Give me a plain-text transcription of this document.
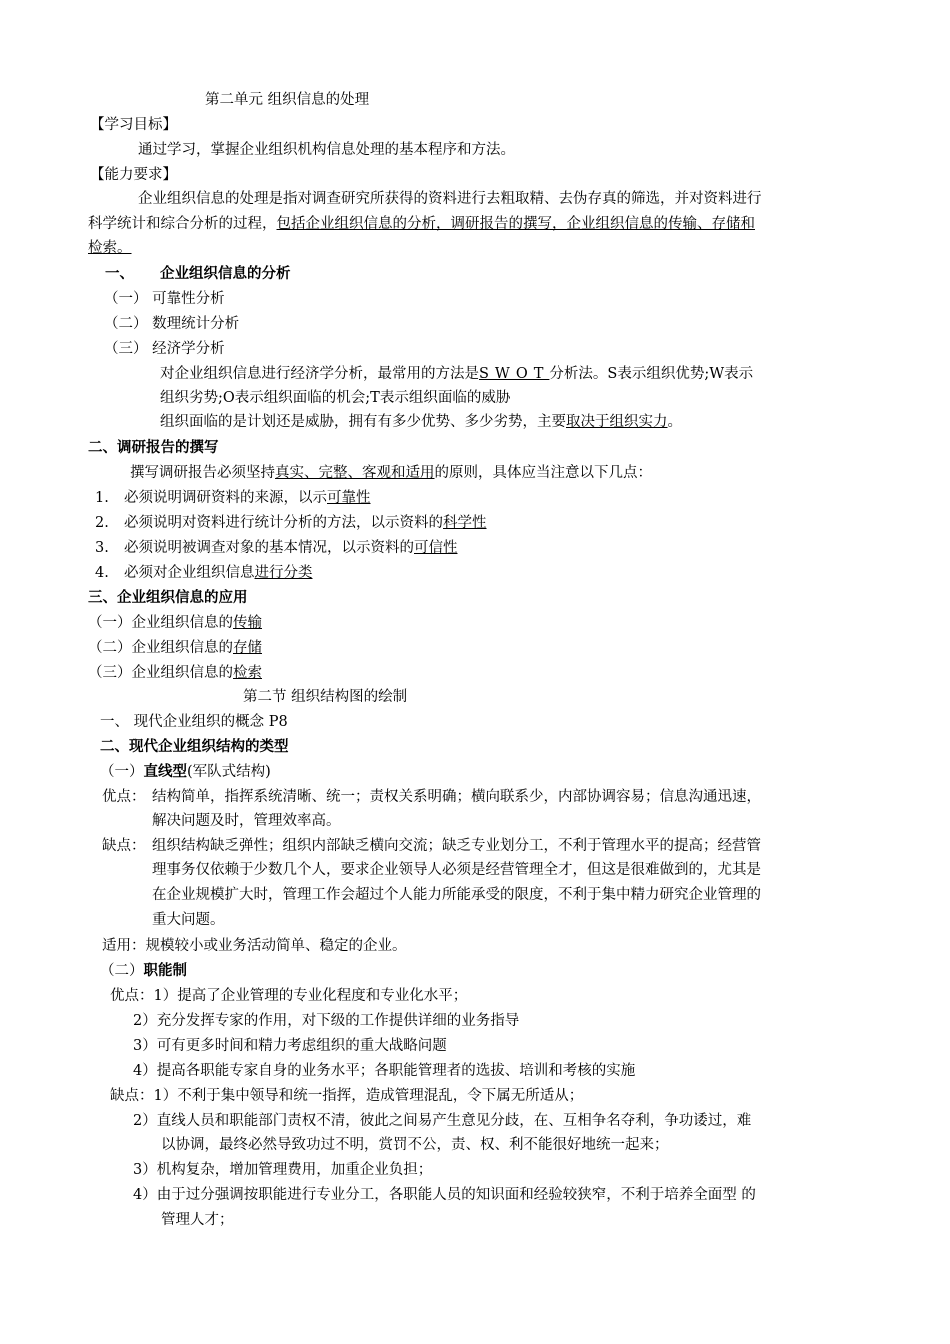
第二单元 组织信息的处理
【学习目标】
通过学习，掌握企业组织机构信息处理的基本程序和方法。
【能力要求】
企业组织信息的处理是指对调查研究所获得的资料进行去粗取精、去伪存真的筛选，并对资料进行
科学统计和综合分析的过程，包括企业组织信息的分析，调研报告的撰写，企业组织信息的传输、存储和
检索。
一、 企业组织信息的分析
（一） 可靠性分析
（二） 数理统计分析
（三） 经济学分析
对企业组织信息进行经济学分析，最常用的方法是SWOT分析法。S表示组织优势;W表示
组织劣势;O表示组织面临的机会;T表示组织面临的威胁
组织面临的是计划还是威胁，拥有有多少优势、多少劣势，主要取决于组织实力。
二、调研报告的撰写
撰写调研报告必须坚持真实、完整、客观和适用的原则，具体应当注意以下几点：
1. 必须说明调研资料的来源，以示可靠性
2. 必须说明对资料进行统计分析的方法，以示资料的科学性
3. 必须说明被调查对象的基本情况，以示资料的可信性
4. 必须对企业组织信息进行分类
三、企业组织信息的应用
（一）企业组织信息的传输
（二）企业组织信息的存储
（三）企业组织信息的检索
第二节 组织结构图的绘制
一、 现代企业组织的概念 P8
二、现代企业组织结构的类型
（一）直线型(军队式结构)
优点： 结构简单，指挥系统清晰、统一；责权关系明确；横向联系少，内部协调容易；信息沟通迅速，
解决问题及时，管理效率高。
缺点： 组织结构缺乏弹性；组织内部缺乏横向交流；缺乏专业划分工，不利于管理水平的提高；经营管
理事务仅依赖于少数几个人，要求企业领导人必须是经营管理全才，但这是很难做到的，尤其是
在企业规模扩大时，管理工作会超过个人能力所能承受的限度，不利于集中精力研究企业管理的
重大问题。
适用：规模较小或业务活动简单、稳定的企业。
（二）职能制
优点：1）提高了企业管理的专业化程度和专业化水平；
2）充分发挥专家的作用，对下级的工作提供详细的业务指导
3）可有更多时间和精力考虑组织的重大战略问题
4）提高各职能专家自身的业务水平；各职能管理者的选拔、培训和考核的实施
缺点：1）不利于集中领导和统一指挥，造成管理混乱，令下属无所适从；
2）直线人员和职能部门责权不清，彼此之间易产生意见分歧，在、互相争名夺利，争功诿过，难
以协调，最终必然导致功过不明，赏罚不公，责、权、利不能很好地统一起来；
3）机构复杂，增加管理费用，加重企业负担；
4）由于过分强调按职能进行专业分工，各职能人员的知识面和经验较狭窄，不利于培养全面型 的
管理人才；
